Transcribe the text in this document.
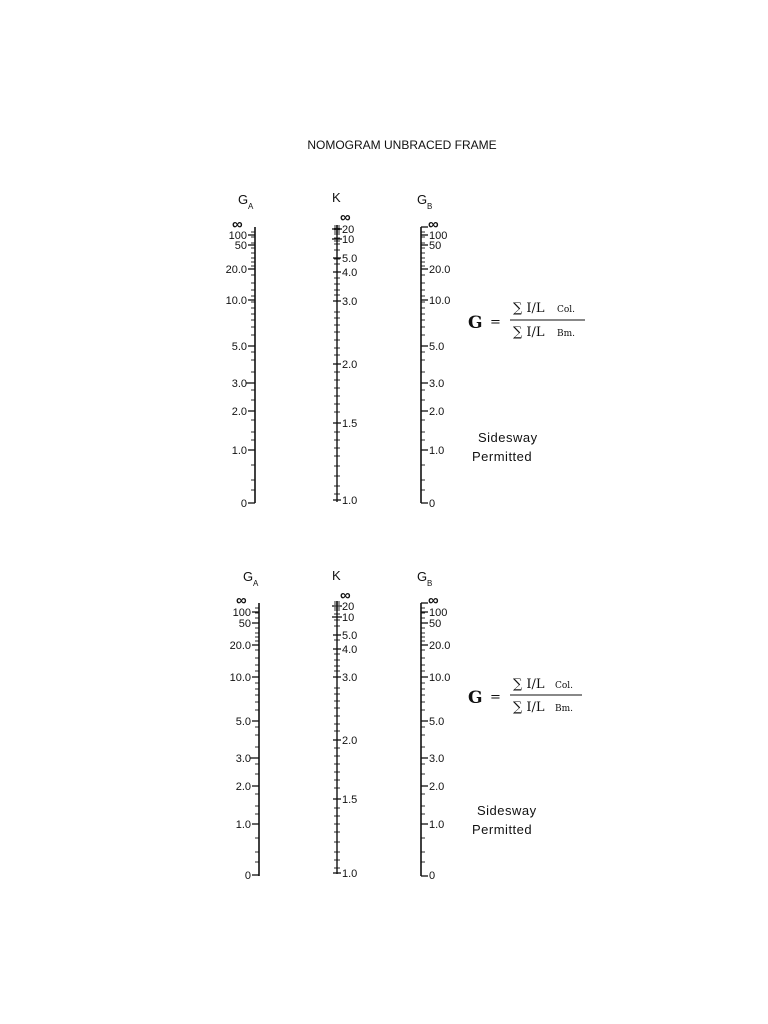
NOMOGRAM UNBRACED FRAME
G A
K	G B
∞
100
50
20.0
10.0
5.0
3.0
2.0
1.0
0
∞
20
10
5.0
4.0
3.0
2.0
1.5
1.0
∞
100
50
20.0
10.0
5.0
3.0
2.0
1.0
0
G =
∑ I/L Col.
∑ I/L Bm.
Sidesway
Permitted
G A
K	G B
∞
100
50
20.0
10.0
5.0
3.0
2.0
1.0
0
∞
20
10
5.0
4.0
3.0
2.0
1.5
1.0
∞
100
50
20.0
10.0
5.0
3.0
2.0
1.0
0
G =
∑ I/L Col.
∑ I/L Bm.
Sidesway
Permitted
